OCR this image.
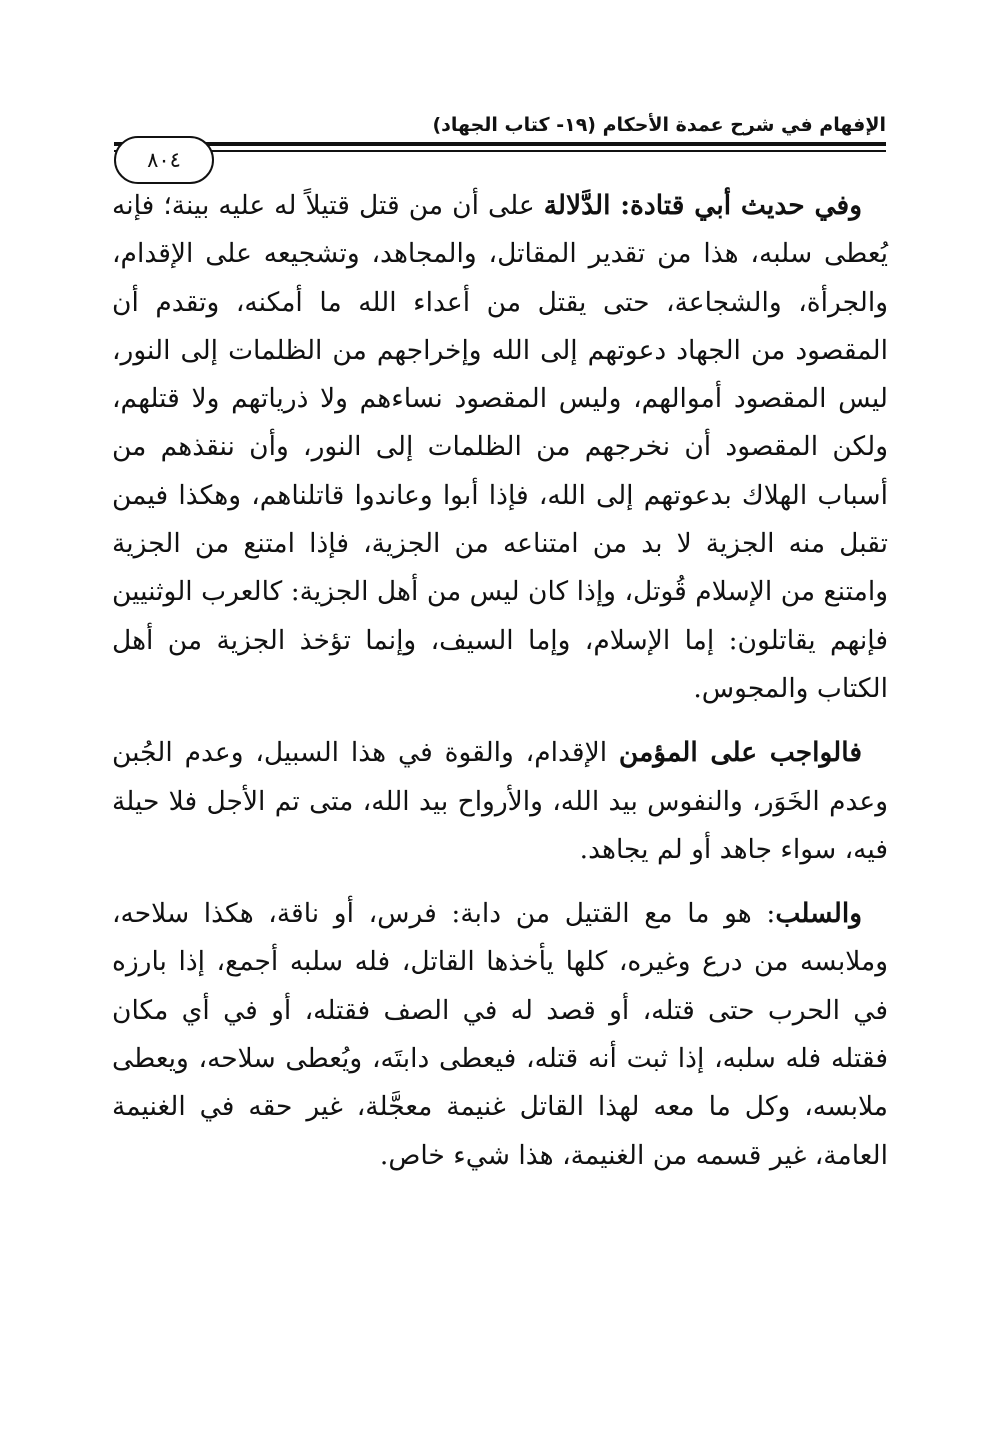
الإفهام في شرح عمدة الأحكام (١٩- كتاب الجهاد)
٨٠٤

وفي حديث أبي قتادة: الدَّلالة على أن من قتل قتيلاً له عليه بينة؛ فإنه يُعطى سلبه، هذا من تقدير المقاتل، والمجاهد، وتشجيعه على الإقدام، والجرأة، والشجاعة، حتى يقتل من أعداء الله ما أمكنه، وتقدم أن المقصود من الجهاد دعوتهم إلى الله وإخراجهم من الظلمات إلى النور، ليس المقصود أموالهم، وليس المقصود نساءهم ولا ذرياتهم ولا قتلهم، ولكن المقصود أن نخرجهم من الظلمات إلى النور، وأن ننقذهم من أسباب الهلاك بدعوتهم إلى الله، فإذا أبوا وعاندوا قاتلناهم، وهكذا فيمن تقبل منه الجزية لا بد من امتناعه من الجزية، فإذا امتنع من الجزية وامتنع من الإسلام قُوتل، وإذا كان ليس من أهل الجزية: كالعرب الوثنيين فإنهم يقاتلون: إما الإسلام، وإما السيف، وإنما تؤخذ الجزية من أهل الكتاب والمجوس.

فالواجب على المؤمن الإقدام، والقوة في هذا السبيل، وعدم الجُبن وعدم الخَوَر، والنفوس بيد الله، والأرواح بيد الله، متى تم الأجل فلا حيلة فيه، سواء جاهد أو لم يجاهد.

والسلب: هو ما مع القتيل من دابة: فرس، أو ناقة، هكذا سلاحه، وملابسه من درع وغيره، كلها يأخذها القاتل، فله سلبه أجمع، إذا بارزه في الحرب حتى قتله، أو قصد له في الصف فقتله، أو في أي مكان فقتله فله سلبه، إذا ثبت أنه قتله، فيعطى دابتَه، ويُعطى سلاحه، ويعطى ملابسه، وكل ما معه لهذا القاتل غنيمة معجَّلة، غير حقه في الغنيمة العامة، غير قسمه من الغنيمة، هذا شيء خاص.
